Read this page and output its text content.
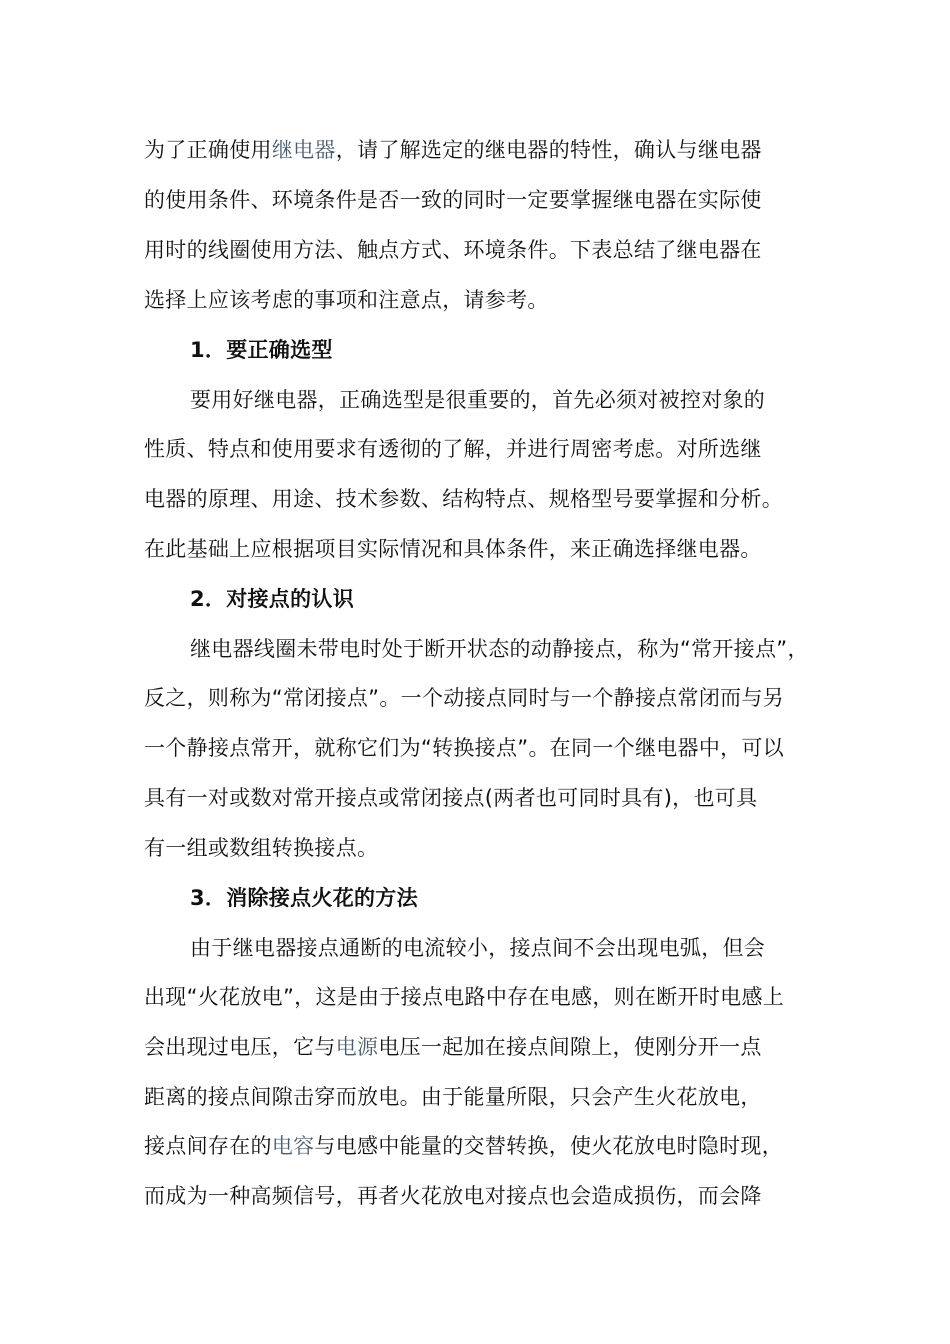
为了正确使用继电器，请了解选定的继电器的特性，确认与继电器
的使用条件、环境条件是否一致的同时一定要掌握继电器在实际使
用时的线圈使用方法、触点方式、环境条件。下表总结了继电器在
选择上应该考虑的事项和注意点，请参考。
1．要正确选型
要用好继电器，正确选型是很重要的，首先必须对被控对象的
性质、特点和使用要求有透彻的了解，并进行周密考虑。对所选继
电器的原理、用途、技术参数、结构特点、规格型号要掌握和分析。
在此基础上应根据项目实际情况和具体条件，来正确选择继电器。
2．对接点的认识
继电器线圈未带电时处于断开状态的动静接点，称为“常开接点”，
反之，则称为“常闭接点”。一个动接点同时与一个静接点常闭而与另
一个静接点常开，就称它们为“转换接点”。在同一个继电器中，可以
具有一对或数对常开接点或常闭接点(两者也可同时具有)，也可具
有一组或数组转换接点。
3．消除接点火花的方法
由于继电器接点通断的电流较小，接点间不会出现电弧，但会
出现“火花放电”，这是由于接点电路中存在电感，则在断开时电感上
会出现过电压，它与电源电压一起加在接点间隙上，使刚分开一点
距离的接点间隙击穿而放电。由于能量所限，只会产生火花放电，
接点间存在的电容与电感中能量的交替转换，使火花放电时隐时现，
而成为一种高频信号，再者火花放电对接点也会造成损伤，而会降
